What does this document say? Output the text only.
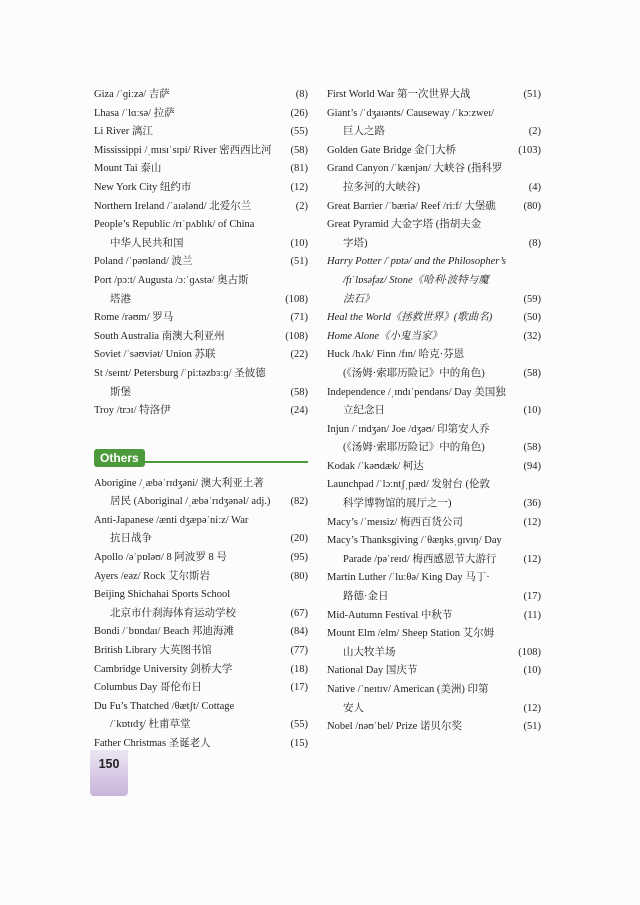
Giza /ˈɡiːzə/ 吉萨	(8)
Lhasa /ˈlɑːsə/ 拉萨	(26)
Li River 漓江	(55)
Mississippi /ˌmɪsɪˈsɪpi/ River 密西西比河	(58)
Mount Tai 泰山	(81)
New York City 纽约市	(12)
Northern Ireland /ˈaɪələnd/ 北爱尔兰	(2)
People’s Republic /rɪˈpʌblɪk/ of China
中华人民共和国	(10)
Poland /ˈpəʊlənd/ 波兰	(51)
Port /pɔːt/ Augusta /ɔːˈɡʌstə/ 奥古斯
塔港	(108)
Rome /rəʊm/ 罗马	(71)
South Australia 南澳大利亚州	(108)
Soviet /ˈsəʊviət/ Union 苏联	(22)
St /seɪnt/ Petersburg /ˈpiːtəzbɜːɡ/ 圣彼德
斯堡	(58)
Troy /trɔɪ/ 特洛伊	(24)
Others
Aborigine /ˌæbəˈrɪdʒəni/ 澳大利亚土著
居民 (Aboriginal /ˌæbəˈrɪdʒənəl/ adj.)	(82)
Anti-Japanese /ænti dʒæpəˈniːz/ War
抗日战争	(20)
Apollo /əˈpɒləʊ/ 8 阿波罗 8 号	(95)
Ayers /eəz/ Rock 艾尔斯岩	(80)
Beijing Shichahai Sports School
北京市什刹海体育运动学校	(67)
Bondi /ˈbɒndaɪ/ Beach 邦迪海滩	(84)
British Library 大英图书馆	(77)
Cambridge University 剑桥大学	(18)
Columbus Day 哥伦布日	(17)
Du Fu’s Thatched /θætʃt/ Cottage
/ˈkɒtɪdʒ/ 杜甫草堂	(55)
Father Christmas 圣诞老人	(15)
First World War 第一次世界大战	(51)
Giant’s /ˈdʒaɪənts/ Causeway /ˈkɔːzweɪ/
巨人之路	(2)
Golden Gate Bridge 金门大桥	(103)
Grand Canyon /ˈkænjən/ 大峡谷 (指科罗
拉多河的大峡谷)	(4)
Great Barrier /ˈbæriə/ Reef /riːf/ 大堡礁	(80)
Great Pyramid 大金字塔 (指胡夫金
字塔)	(8)
Harry Potter /ˈpɒtə/ and the Philosopher’s
/fɪˈlɒsəfəz/ Stone《哈利·波特与魔
法石》	(59)
Heal the World《拯救世界》(歌曲名)	(50)
Home Alone《小鬼当家》	(32)
Huck /hʌk/ Finn /fɪn/ 哈克·芬恩
(《汤姆·索耶历险记》中的角色)	(58)
Independence /ˌɪndɪˈpendəns/ Day 美国独
立纪念日	(10)
Injun /ˈɪndʒən/ Joe /dʒəʊ/ 印第安人乔
(《汤姆·索耶历险记》中的角色)	(58)
Kodak /ˈkəʊdæk/ 柯达	(94)
Launchpad /ˈlɔːntʃˌpæd/ 发射台 (伦敦
科学博物馆的展厅之一)	(36)
Macy’s /ˈmeɪsiz/ 梅西百货公司	(12)
Macy’s Thanksgiving /ˈθæŋksˌɡɪvɪŋ/ Day
Parade /pəˈreɪd/ 梅西感恩节大游行	(12)
Martin Luther /ˈluːθə/ King Day 马丁·
路德·金日	(17)
Mid-Autumn Festival 中秋节	(11)
Mount Elm /elm/ Sheep Station 艾尔姆
山大牧羊场	(108)
National Day 国庆节	(10)
Native /ˈneɪtɪv/ American (美洲) 印第
安人	(12)
Nobel /nəʊˈbel/ Prize 诺贝尔奖	(51)
150
